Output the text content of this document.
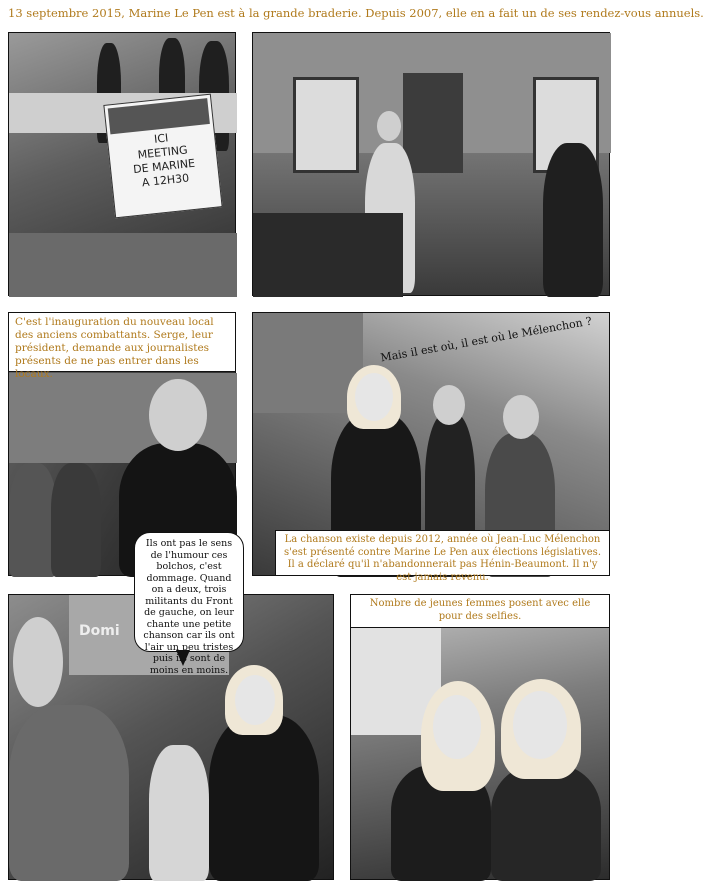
13 septembre 2015, Marine Le Pen est à la grande braderie. Depuis 2007, elle en a fait un de ses rendez-vous annuels.
ICI
MEETING
DE MARINE
A 12H30
C'est l'inauguration du nouveau local des anciens combattants. Serge, leur président, demande aux journalistes présents de ne pas entrer dans les locaux.
Mais il est où, il est où le Mélenchon ?
La chanson existe depuis 2012, année où Jean-Luc Mélenchon s'est présenté contre Marine Le Pen aux élections législatives. Il a déclaré qu'il n'abandonnerait pas Hénin-Beaumont. Il n'y est jamais revenu.
Domi
Ils ont pas le sens de l'humour ces bolchos, c'est dommage. Quand on a deux, trois militants du Front de gauche, on leur chante une petite chanson car ils ont l'air un peu tristes puis ils sont de moins en moins.
Nombre de jeunes femmes posent avec elle pour des selfies.
